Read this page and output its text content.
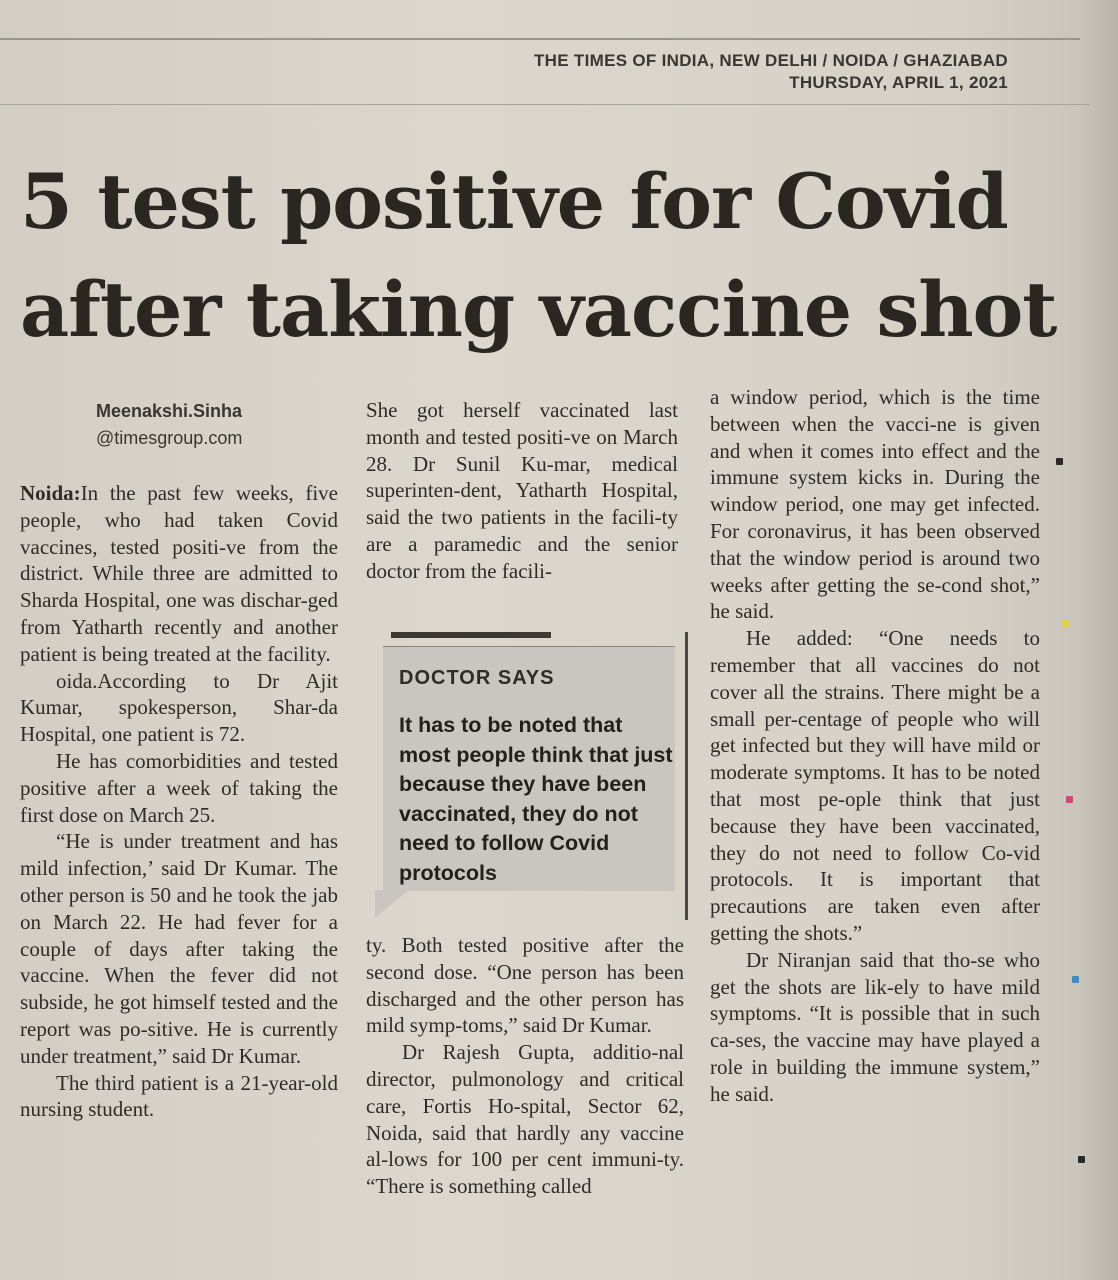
THE TIMES OF INDIA, NEW DELHI / NOIDA / GHAZIABAD
THURSDAY, APRIL 1, 2021
5 test positive for Covid
after taking vaccine shot
Meenakshi.Sinha
@timesgroup.com

Noida:In the past few weeks, five people, who had taken Covid vaccines, tested positi-ve from the district. While three are admitted to Sharda Hospital, one was dischar-ged from Yatharth recently and another patient is being treated at the facility.

oida.According to Dr Ajit Kumar, spokesperson, Shar-da Hospital, one patient is 72.

He has comorbidities and tested positive after a week of taking the first dose on March 25.

“He is under treatment and has mild infection,’ said Dr Kumar. The other person is 50 and he took the jab on March 22. He had fever for a couple of days after taking the vaccine. When the fever did not subside, he got himself tested and the report was po-sitive. He is currently under treatment,” said Dr Kumar.

The third patient is a 21-year-old nursing student.

She got herself vaccinated last month and tested positi-ve on March 28. Dr Sunil Ku-mar, medical superinten-dent, Yatharth Hospital, said the two patients in the facili-ty are a paramedic and the senior doctor from the facili-

DOCTOR SAYS
It has to be noted that most people think that just because they have been vaccinated, they do not need to follow Covid protocols

ty. Both tested positive after the second dose. “One person has been discharged and the other person has mild symp-toms,” said Dr Kumar.

Dr Rajesh Gupta, additio-nal director, pulmonology and critical care, Fortis Ho-spital, Sector 62, Noida, said that hardly any vaccine al-lows for 100 per cent immuni-ty. “There is something called

a window period, which is the time between when the vacci-ne is given and when it comes into effect and the immune system kicks in. During the window period, one may get infected. For coronavirus, it has been observed that the window period is around two weeks after getting the se-cond shot,” he said.

He added: “One needs to remember that all vaccines do not cover all the strains. There might be a small per-centage of people who will get infected but they will have mild or moderate symptoms. It has to be noted that most pe-ople think that just because they have been vaccinated, they do not need to follow Co-vid protocols. It is important that precautions are taken even after getting the shots.”

Dr Niranjan said that tho-se who get the shots are lik-ely to have mild symptoms. “It is possible that in such ca-ses, the vaccine may have played a role in building the immune system,” he said.
